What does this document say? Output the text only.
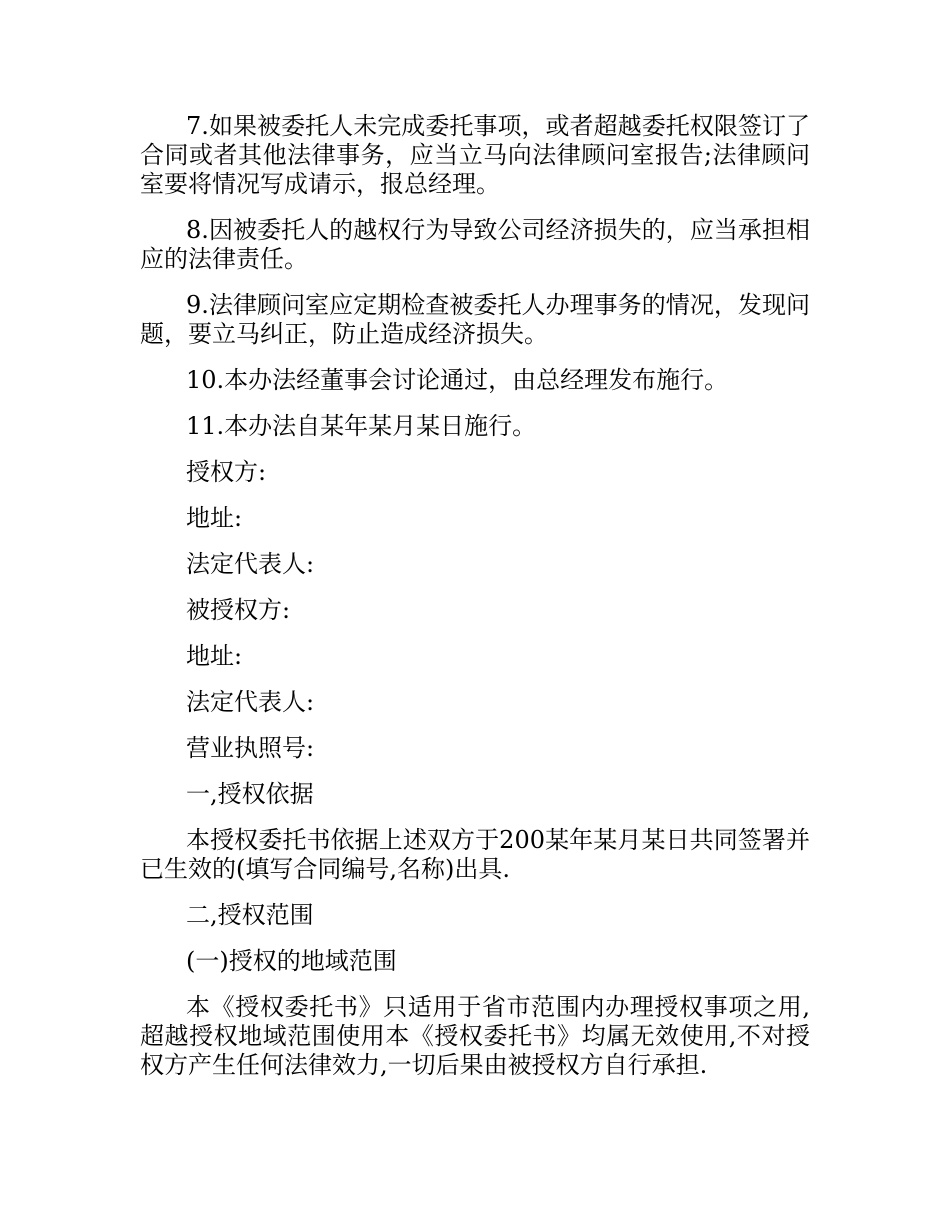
7.如果被委托人未完成委托事项，或者超越委托权限签订了合同或者其他法律事务，应当立马向法律顾问室报告;法律顾问室要将情况写成请示，报总经理。

8.因被委托人的越权行为导致公司经济损失的，应当承担相应的法律责任。

9.法律顾问室应定期检查被委托人办理事务的情况，发现问题，要立马纠正，防止造成经济损失。

10.本办法经董事会讨论通过，由总经理发布施行。

11.本办法自某年某月某日施行。

授权方:

地址:

法定代表人:

被授权方:

地址:

法定代表人:

营业执照号:

一,授权依据

本授权委托书依据上述双方于200某年某月某日共同签署并已生效的(填写合同编号,名称)出具.

二,授权范围

(一)授权的地域范围

本《授权委托书》只适用于省市范围内办理授权事项之用,超越授权地域范围使用本《授权委托书》均属无效使用,不对授权方产生任何法律效力,一切后果由被授权方自行承担.
